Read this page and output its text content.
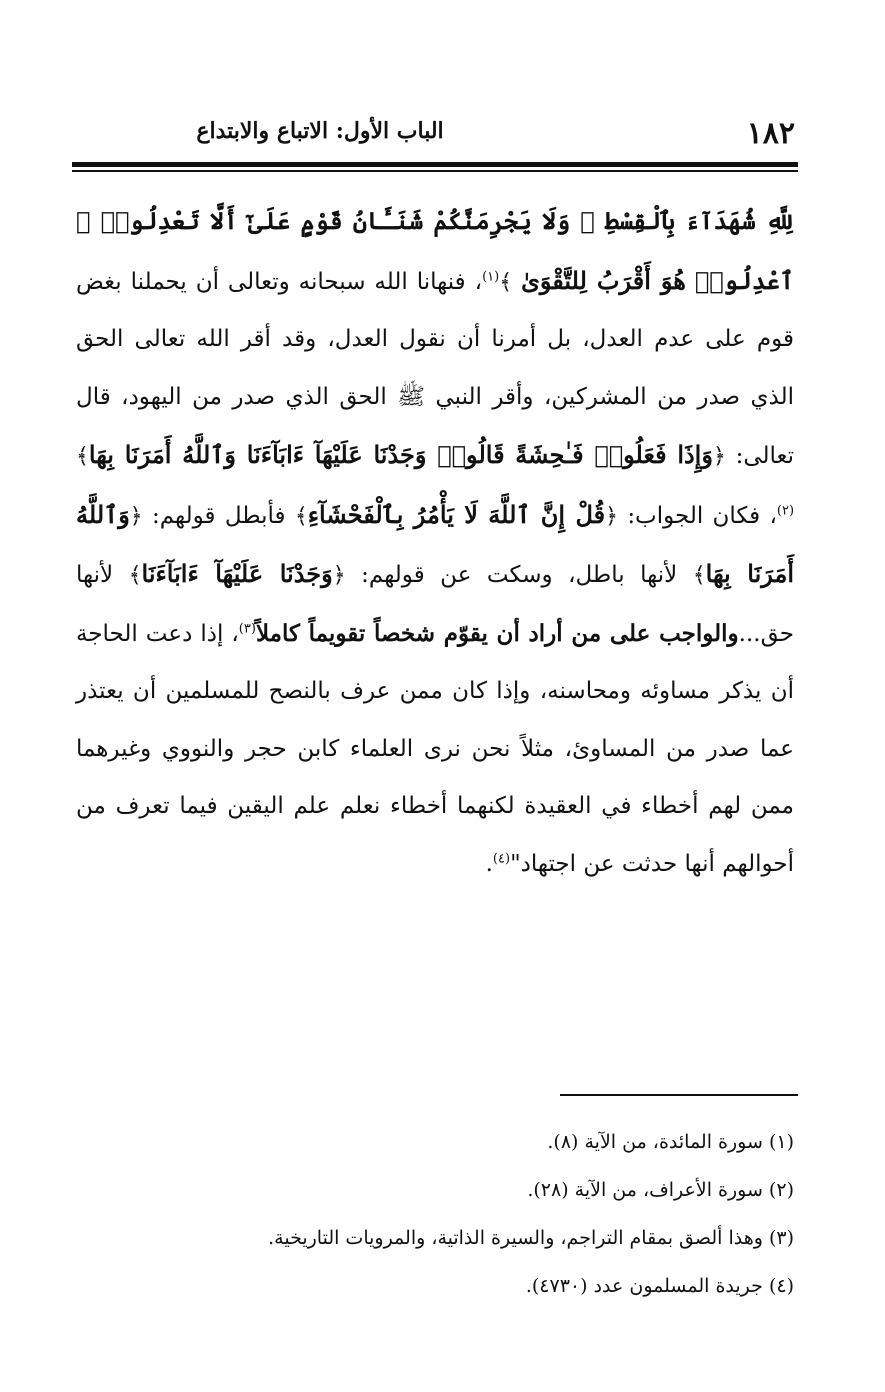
١٨٢
الباب الأول: الاتباع والابتداع

لِلَّهِ شُهَدَآءَ بِٱلْقِسْطِ ۖ وَلَا يَجْرِمَنَّكُمْ شَنَـَٔانُ قَوْمٍ عَلَىٰٓ أَلَّا تَعْدِلُوا۟ ۚ ٱعْدِلُوا۟ هُوَ أَقْرَبُ لِلتَّقْوَىٰ ﴾$^{(١)}$، فنهانا الله سبحانه وتعالى أن يحملنا بغض قوم على عدم العدل، بل أمرنا أن نقول العدل، وقد أقر الله تعالى الحق الذي صدر من المشركين، وأقر النبي ﷺ الحق الذي صدر من اليهود، قال تعالى: ﴿وَإِذَا فَعَلُوا۟ فَـٰحِشَةً قَالُوا۟ وَجَدْنَا عَلَيْهَآ ءَابَآءَنَا وَٱللَّهُ أَمَرَنَا بِهَا﴾$^{(٢)}$، فكان الجواب: ﴿قُلْ إِنَّ ٱللَّهَ لَا يَأْمُرُ بِٱلْفَحْشَآءِ﴾ فأبطل قولهم: ﴿وَٱللَّهُ أَمَرَنَا بِهَا﴾ لأنها باطل، وسكت عن قولهم: ﴿وَجَدْنَا عَلَيْهَآ ءَابَآءَنَا﴾ لأنها حق...والواجب على من أراد أن يقوّم شخصاً تقويماً كاملاً$^{(٣)}$، إذا دعت الحاجة أن يذكر مساوئه ومحاسنه، وإذا كان ممن عرف بالنصح للمسلمين أن يعتذر عما صدر من المساوئ، مثلاً نحن نرى العلماء كابن حجر والنووي وغيرهما ممن لهم أخطاء في العقيدة لكنهما أخطاء نعلم علم اليقين فيما تعرف من أحوالهم أنها حدثت عن اجتهاد"$^{(٤)}$.

(١) سورة المائدة، من الآية (٨).
(٢) سورة الأعراف، من الآية (٢٨).
(٣) وهذا ألصق بمقام التراجم، والسيرة الذاتية، والمرويات التاريخية.
(٤) جريدة المسلمون عدد (٤٧٣٠).
